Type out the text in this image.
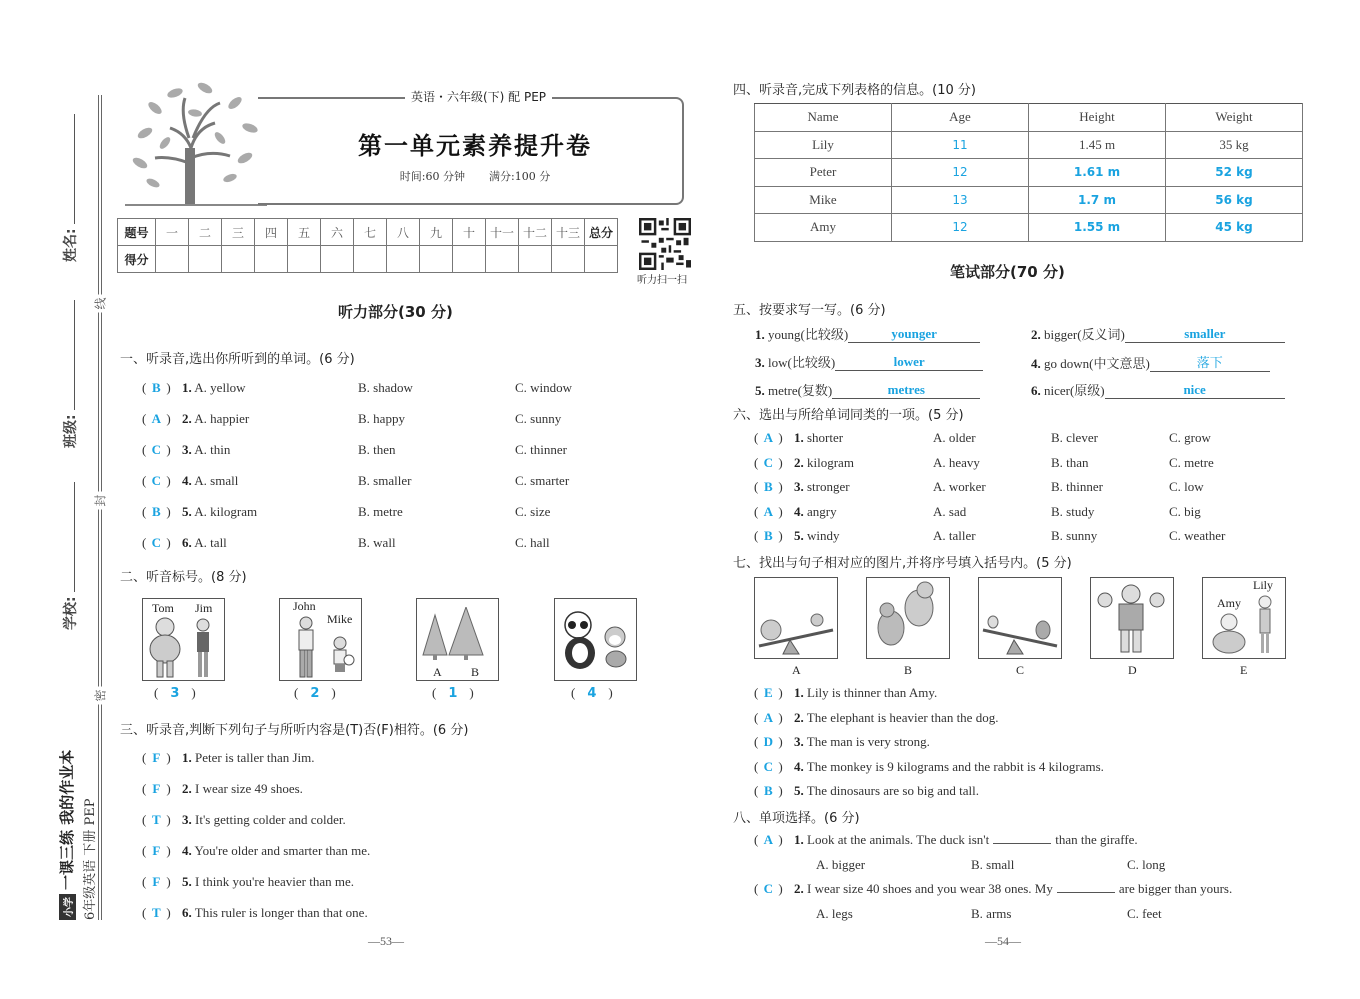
线
封
密
姓名:
班级:
学校:
小学一课三练 我的作业本 6年级英语 下册 PEP
英语・六年级(下) 配 PEP
第一单元素养提升卷
时间:60 分钟 满分:100 分
题号	一	二	三	四	五	六	七	八	九	十	十一	十二	十三	总分
得分														
听力扫一扫
听力部分(30 分)
一、听录音,选出你所听到的单词。(6 分)
( B ) 1. A. yellow	B. shadow	C. window
( A ) 2. A. happier	B. happy	C. sunny
( C ) 3. A. thin	B. then	C. thinner
( C ) 4. A. small	B. smaller	C. smarter
( B ) 5. A. kilogram	B. metre	C. size
( C ) 6. A. tall	B. wall	C. hall
二、听音标号。(8 分)
Tom Jim
( 3 )
John
Mike
( 2 )
A B
( 1 )	( 4 )
三、听录音,判断下列句子与所听内容是(T)否(F)相符。(6 分)
( F ) 1. Peter is taller than Jim.
( F ) 2. I wear size 49 shoes.
( T ) 3. It's getting colder and colder.
( F ) 4. You're older and smarter than me.
( F ) 5. I think you're heavier than me.
( T ) 6. This ruler is longer than that one.
—53—
四、听录音,完成下列表格的信息。(10 分)
Name	Age	Height	Weight
Lily	11	1.45 m	35 kg
Peter	12	1.61 m	52 kg
Mike	13	1.7 m	56 kg
Amy	12	1.55 m	45 kg
笔试部分(70 分)
五、按要求写一写。(6 分)
1. young(比较级)	younger	2. bigger(反义词)	smaller
3. low(比较级)	lower	4. go down(中文意思)	落下
5. metre(复数)	metres	6. nicer(原级)	nice
六、选出与所给单词同类的一项。(5 分)
( A ) 1. shorter	A. older	B. clever	C. grow
( C ) 2. kilogram	A. heavy	B. than	C. metre
( B ) 3. stronger	A. worker	B. thinner	C. low
( A ) 4. angry	A. sad	B. study	C. big
( B ) 5. windy	A. taller	B. sunny	C. weather
七、找出与句子相对应的图片,并将序号填入括号内。(5 分)
A	B	C	D
Lily
Amy
E
( E ) 1. Lily is thinner than Amy.
( A ) 2. The elephant is heavier than the dog.
( D ) 3. The man is very strong.
( C ) 4. The monkey is 9 kilograms and the rabbit is 4 kilograms.
( B ) 5. The dinosaurs are so big and tall.
八、单项选择。(6 分)
( A ) 1. Look at the animals. The duck isn't	than the giraffe.
A. bigger	B. small	C. long
( C ) 2. I wear size 40 shoes and you wear 38 ones. My	are bigger than yours.
A. legs	B. arms	C. feet
—54—
